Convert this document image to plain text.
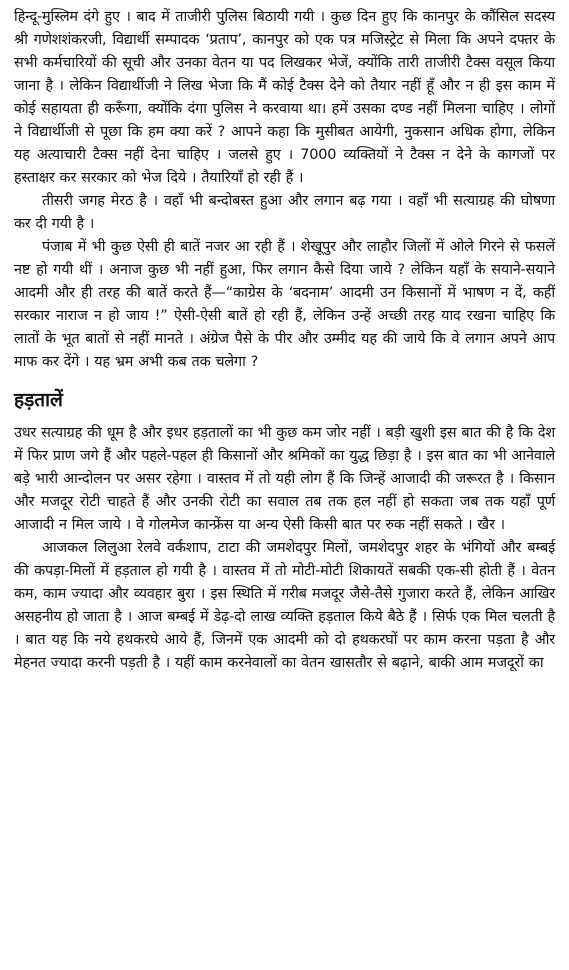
हिन्दू-मुस्लिम दंगे हुए । बाद में ताजीरी पुलिस बिठायी गयी । कुछ दिन हुए कि कानपुर के कौंसिल सदस्य श्री गणेशशंकरजी, विद्यार्थी सम्पादक ‘प्रताप’, कानपुर को एक पत्र मजिस्ट्रेट से मिला कि अपने दफ्तर के सभी कर्मचारियों की सूची और उनका वेतन या पद लिखकर भेजें, क्योंकि तारी ताजीरी टैक्स वसूल किया जाना है । लेकिन विद्यार्थीजी ने लिख भेजा कि मैं कोई टैक्स देने को तैयार नहीं हूँ और न ही इस काम में कोई सहायता ही करूँगा, क्योंकि दंगा पुलिस ने करवाया था। हमें उसका दण्ड नहीं मिलना चाहिए । लोगों ने विद्यार्थीजी से पूछा कि हम क्या करें ? आपने कहा कि मुसीबत आयेगी, नुकसान अधिक होगा, लेकिन यह अत्याचारी टैक्स नहीं देना चाहिए । जलसे हुए । 7000 व्यक्तियों ने टैक्स न देने के कागजों पर हस्ताक्षर कर सरकार को भेज दिये । तैयारियाँ हो रही हैं ।

तीसरी जगह मेरठ है । वहाँ भी बन्दोबस्त हुआ और लगान बढ़ गया । वहाँ भी सत्याग्रह की घोषणा कर दी गयी है ।

पंजाब में भी कुछ ऐसी ही बातें नजर आ रही हैं । शेखूपुर और लाहौर जिलों में ओले गिरने से फसलें नष्ट हो गयी थीं । अनाज कुछ भी नहीं हुआ, फिर लगान कैसे दिया जाये ? लेकिन यहाँ के सयाने-सयाने आदमी और ही तरह की बातें करते हैं—“काग्रेस के ‘बदनाम’ आदमी उन किसानों में भाषण न दें, कहीं सरकार नाराज न हो जाय !” ऐसी-ऐसी बातें हो रही हैं, लेकिन उन्हें अच्छी तरह याद रखना चाहिए कि लातों के भूत बातों से नहीं मानते । अंग्रेज पैसे के पीर और उम्मीद यह की जाये कि वे लगान अपने आप माफ कर देंगे । यह भ्रम अभी कब तक चलेगा ?

हड़तालें

उधर सत्याग्रह की धूम है और इधर हड़तालों का भी कुछ कम जोर नहीं । बड़ी खुशी इस बात की है कि देश में फिर प्राण जगे हैं और पहले-पहल ही किसानों और श्रमिकों का युद्ध छिड़ा है । इस बात का भी आनेवाले बड़े भारी आन्दोलन पर असर रहेगा । वास्तव में तो यही लोग हैं कि जिन्हें आजादी की जरूरत है । किसान और मजदूर रोटी चाहते हैं और उनकी रोटी का सवाल तब तक हल नहीं हो सकता जब तक यहाँ पूर्ण आजादी न मिल जाये । वे गोलमेज कान्फ्रेंस या अन्य ऐसी किसी बात पर रुक नहीं सकते । खैर ।

आजकल लिलुआ रेलवे वर्कशाप, टाटा की जमशेदपुर मिलों, जमशेदपुर शहर के भंगियों और बम्बई की कपड़ा-मिलों में हड़ताल हो गयी है । वास्तव में तो मोटी-मोटी शिकायतें सबकी एक-सी होती हैं । वेतन कम, काम ज्यादा और व्यवहार बुरा । इस स्थिति में गरीब मजदूर जैसे-तैसे गुजारा करते हैं, लेकिन आखिर असहनीय हो जाता है । आज बम्बई में डेढ़-दो लाख व्यक्ति हड़ताल किये बैठे हैं । सिर्फ एक मिल चलती है । बात यह कि नये हथकरघे आये हैं, जिनमें एक आदमी को दो हथकरघों पर काम करना पड़ता है और मेहनत ज्यादा करनी पड़ती है । यहीं काम करनेवालों का वेतन खासतौर से बढ़ाने, बाकी आम मजदूरों का
